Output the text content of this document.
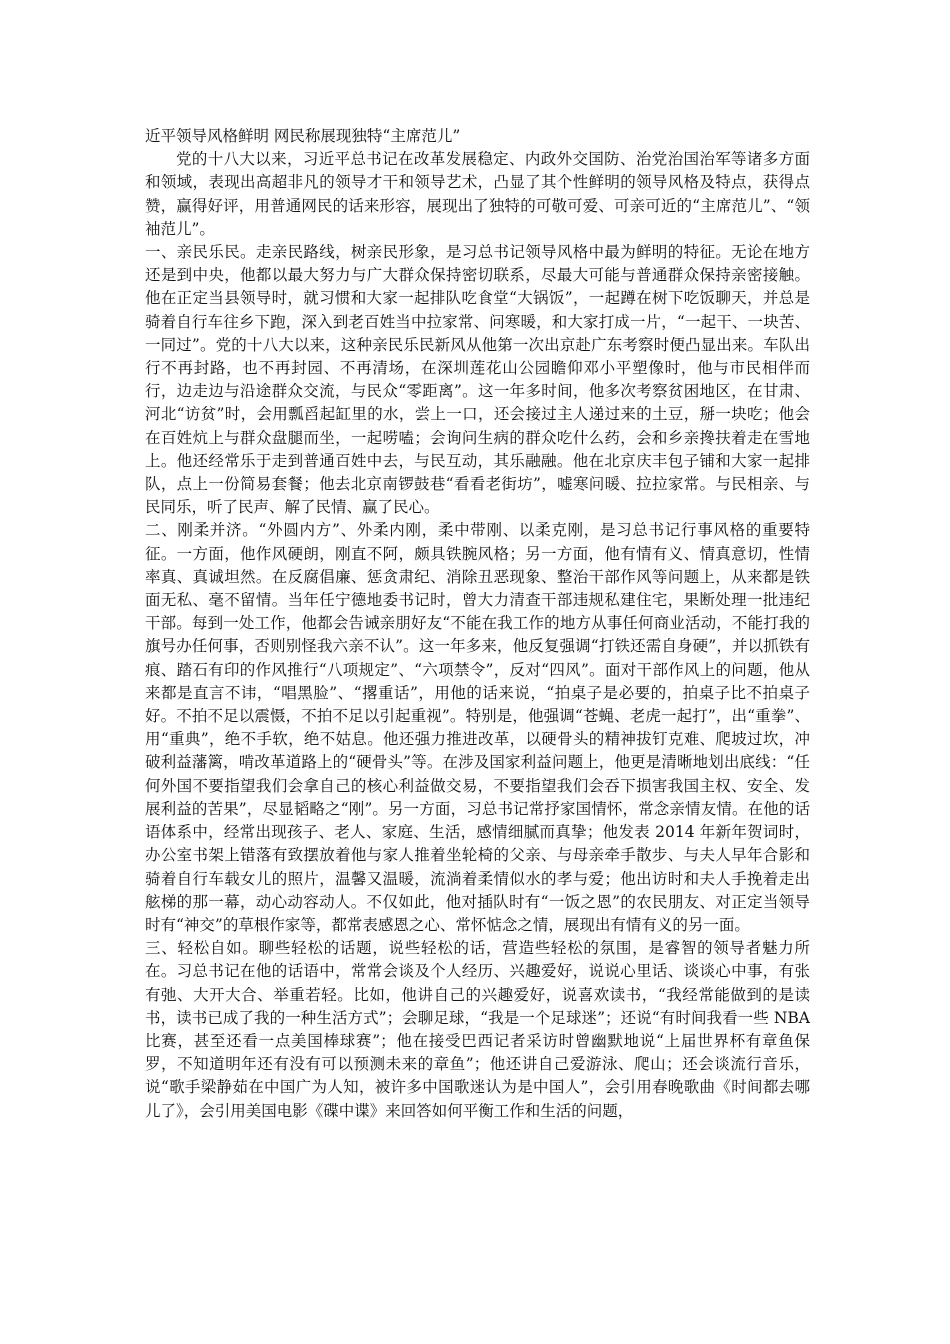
近平领导风格鲜明 网民称展现独特“主席范儿”

党的十八大以来，习近平总书记在改革发展稳定、内政外交国防、治党治国治军等诸多方面和领域，表现出高超非凡的领导才干和领导艺术，凸显了其个性鲜明的领导风格及特点，获得点赞，赢得好评，用普通网民的话来形容，展现出了独特的可敬可爱、可亲可近的“主席范儿”、“领袖范儿”。

一、亲民乐民。走亲民路线，树亲民形象，是习总书记领导风格中最为鲜明的特征。无论在地方还是到中央，他都以最大努力与广大群众保持密切联系，尽最大可能与普通群众保持亲密接触。他在正定当县领导时，就习惯和大家一起排队吃食堂“大锅饭”，一起蹲在树下吃饭聊天，并总是骑着自行车往乡下跑，深入到老百姓当中拉家常、问寒暖，和大家打成一片，“一起干、一块苦、一同过”。党的十八大以来，这种亲民乐民新风从他第一次出京赴广东考察时便凸显出来。车队出行不再封路，也不再封园、不再清场，在深圳莲花山公园瞻仰邓小平塑像时，他与市民相伴而行，边走边与沿途群众交流，与民众“零距离”。这一年多时间，他多次考察贫困地区，在甘肃、河北“访贫”时，会用瓢舀起缸里的水，尝上一口，还会接过主人递过来的土豆，掰一块吃；他会在百姓炕上与群众盘腿而坐，一起唠嗑；会询问生病的群众吃什么药，会和乡亲搀扶着走在雪地上。他还经常乐于走到普通百姓中去，与民互动，其乐融融。他在北京庆丰包子铺和大家一起排队，点上一份简易套餐；他去北京南锣鼓巷“看看老街坊”，嘘寒问暖、拉拉家常。与民相亲、与民同乐，听了民声、解了民情、赢了民心。

二、刚柔并济。“外圆内方”、外柔内刚，柔中带刚、以柔克刚，是习总书记行事风格的重要特征。一方面，他作风硬朗，刚直不阿，颇具铁腕风格；另一方面，他有情有义、情真意切，性情率真、真诚坦然。在反腐倡廉、惩贪肃纪、消除丑恶现象、整治干部作风等问题上，从来都是铁面无私、毫不留情。当年任宁德地委书记时，曾大力清查干部违规私建住宅，果断处理一批违纪干部。每到一处工作，他都会告诫亲朋好友“不能在我工作的地方从事任何商业活动，不能打我的旗号办任何事，否则别怪我六亲不认”。这一年多来，他反复强调“打铁还需自身硬”，并以抓铁有痕、踏石有印的作风推行“八项规定”、“六项禁令”，反对“四风”。面对干部作风上的问题，他从来都是直言不讳，“唱黑脸”、“撂重话”，用他的话来说，“拍桌子是必要的，拍桌子比不拍桌子好。不拍不足以震慑，不拍不足以引起重视”。特别是，他强调“苍蝇、老虎一起打”，出“重拳”、用“重典”，绝不手软，绝不姑息。他还强力推进改革，以硬骨头的精神拔钉克难、爬坡过坎，冲破利益藩篱，啃改革道路上的“硬骨头”等。在涉及国家利益问题上，他更是清晰地划出底线：“任何外国不要指望我们会拿自己的核心利益做交易，不要指望我们会吞下损害我国主权、安全、发展利益的苦果”，尽显韬略之“刚”。另一方面，习总书记常抒家国情怀，常念亲情友情。在他的话语体系中，经常出现孩子、老人、家庭、生活，感情细腻而真挚；他发表 2014 年新年贺词时，办公室书架上错落有致摆放着他与家人推着坐轮椅的父亲、与母亲牵手散步、与夫人早年合影和骑着自行车载女儿的照片，温馨又温暖，流淌着柔情似水的孝与爱；他出访时和夫人手挽着走出舷梯的那一幕，动心动容动人。不仅如此，他对插队时有“一饭之恩”的农民朋友、对正定当领导时有“神交”的草根作家等，都常表感恩之心、常怀惦念之情，展现出有情有义的另一面。

三、轻松自如。聊些轻松的话题，说些轻松的话，营造些轻松的氛围，是睿智的领导者魅力所在。习总书记在他的话语中，常常会谈及个人经历、兴趣爱好，说说心里话、谈谈心中事，有张有弛、大开大合、举重若轻。比如，他讲自己的兴趣爱好，说喜欢读书，“我经常能做到的是读书，读书已成了我的一种生活方式”；会聊足球，“我是一个足球迷”；还说“有时间我看一些 NBA 比赛，甚至还看一点美国棒球赛”；他在接受巴西记者采访时曾幽默地说“上届世界杯有章鱼保罗，不知道明年还有没有可以预测未来的章鱼”；他还讲自己爱游泳、爬山；还会谈流行音乐，说“歌手梁静茹在中国广为人知，被许多中国歌迷认为是中国人”，会引用春晚歌曲《时间都去哪儿了》，会引用美国电影《碟中谍》来回答如何平衡工作和生活的问题，
